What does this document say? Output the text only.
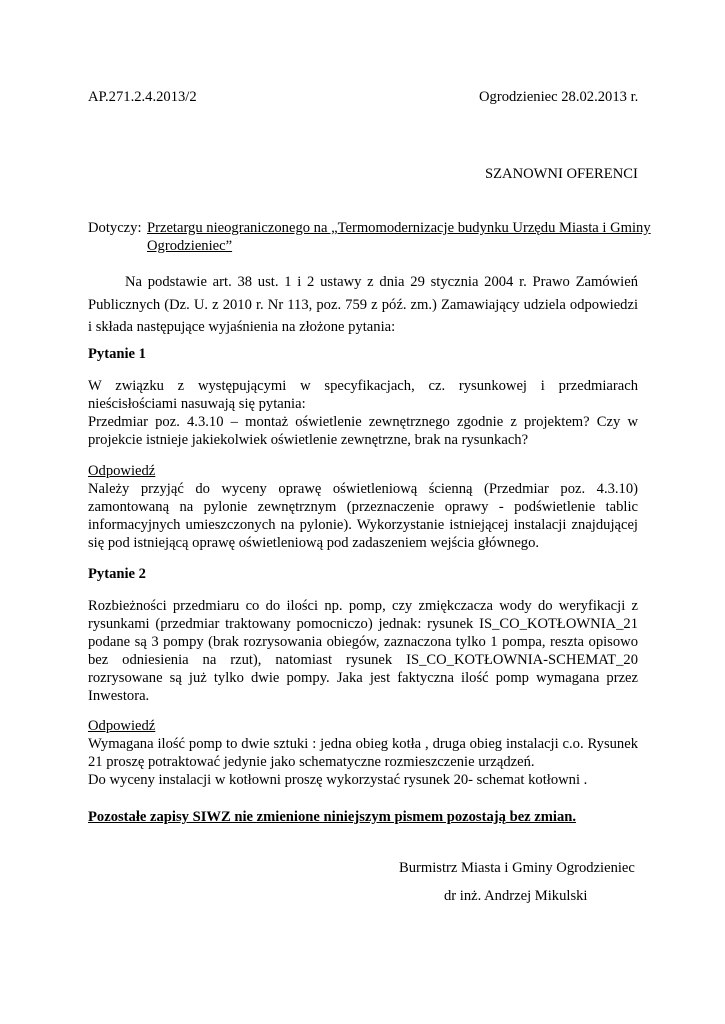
AP.271.2.4.2013/2	Ogrodzieniec 28.02.2013 r.
SZANOWNI OFERENCI
Dotyczy: Przetargu nieograniczonego na „Termomodernizacje budynku Urzędu Miasta i Gminy
Ogrodzieniec”
Na podstawie art. 38 ust. 1 i 2 ustawy z dnia 29 stycznia 2004 r. Prawo Zamówień
Publicznych (Dz. U. z 2010 r. Nr 113, poz. 759 z póź. zm.) Zamawiający udziela odpowiedzi
i składa następujące wyjaśnienia na złożone pytania:
Pytanie 1
W związku z występującymi w specyfikacjach, cz. rysunkowej i przedmiarach
nieścisłościami nasuwają się pytania:
Przedmiar poz. 4.3.10 – montaż oświetlenie zewnętrznego zgodnie z projektem? Czy w
projekcie istnieje jakiekolwiek oświetlenie zewnętrzne, brak na rysunkach?
Odpowiedź
Należy przyjąć do wyceny oprawę oświetleniową ścienną (Przedmiar poz. 4.3.10)
zamontowaną na pylonie zewnętrznym (przeznaczenie oprawy - podświetlenie tablic
informacyjnych umieszczonych na pylonie). Wykorzystanie istniejącej instalacji znajdującej
się pod istniejącą oprawę oświetleniową pod zadaszeniem wejścia głównego.
Pytanie 2
Rozbieżności przedmiaru co do ilości np. pomp, czy zmiękczacza wody do weryfikacji z
rysunkami (przedmiar traktowany pomocniczo) jednak: rysunek IS_CO_KOTŁOWNIA_21
podane są 3 pompy (brak rozrysowania obiegów, zaznaczona tylko 1 pompa, reszta opisowo
bez odniesienia na rzut), natomiast rysunek IS_CO_KOTŁOWNIA-SCHEMAT_20
rozrysowane są już tylko dwie pompy. Jaka jest faktyczna ilość pomp wymagana przez
Inwestora.
Odpowiedź
Wymagana ilość pomp to dwie sztuki : jedna obieg kotła , druga obieg instalacji c.o. Rysunek
21 proszę potraktować jedynie jako schematyczne rozmieszczenie urządzeń.
Do wyceny instalacji w kotłowni proszę wykorzystać rysunek 20- schemat kotłowni .
Pozostałe zapisy SIWZ nie zmienione niniejszym pismem pozostają bez zmian.
Burmistrz Miasta i Gminy Ogrodzieniec
dr inż. Andrzej Mikulski
